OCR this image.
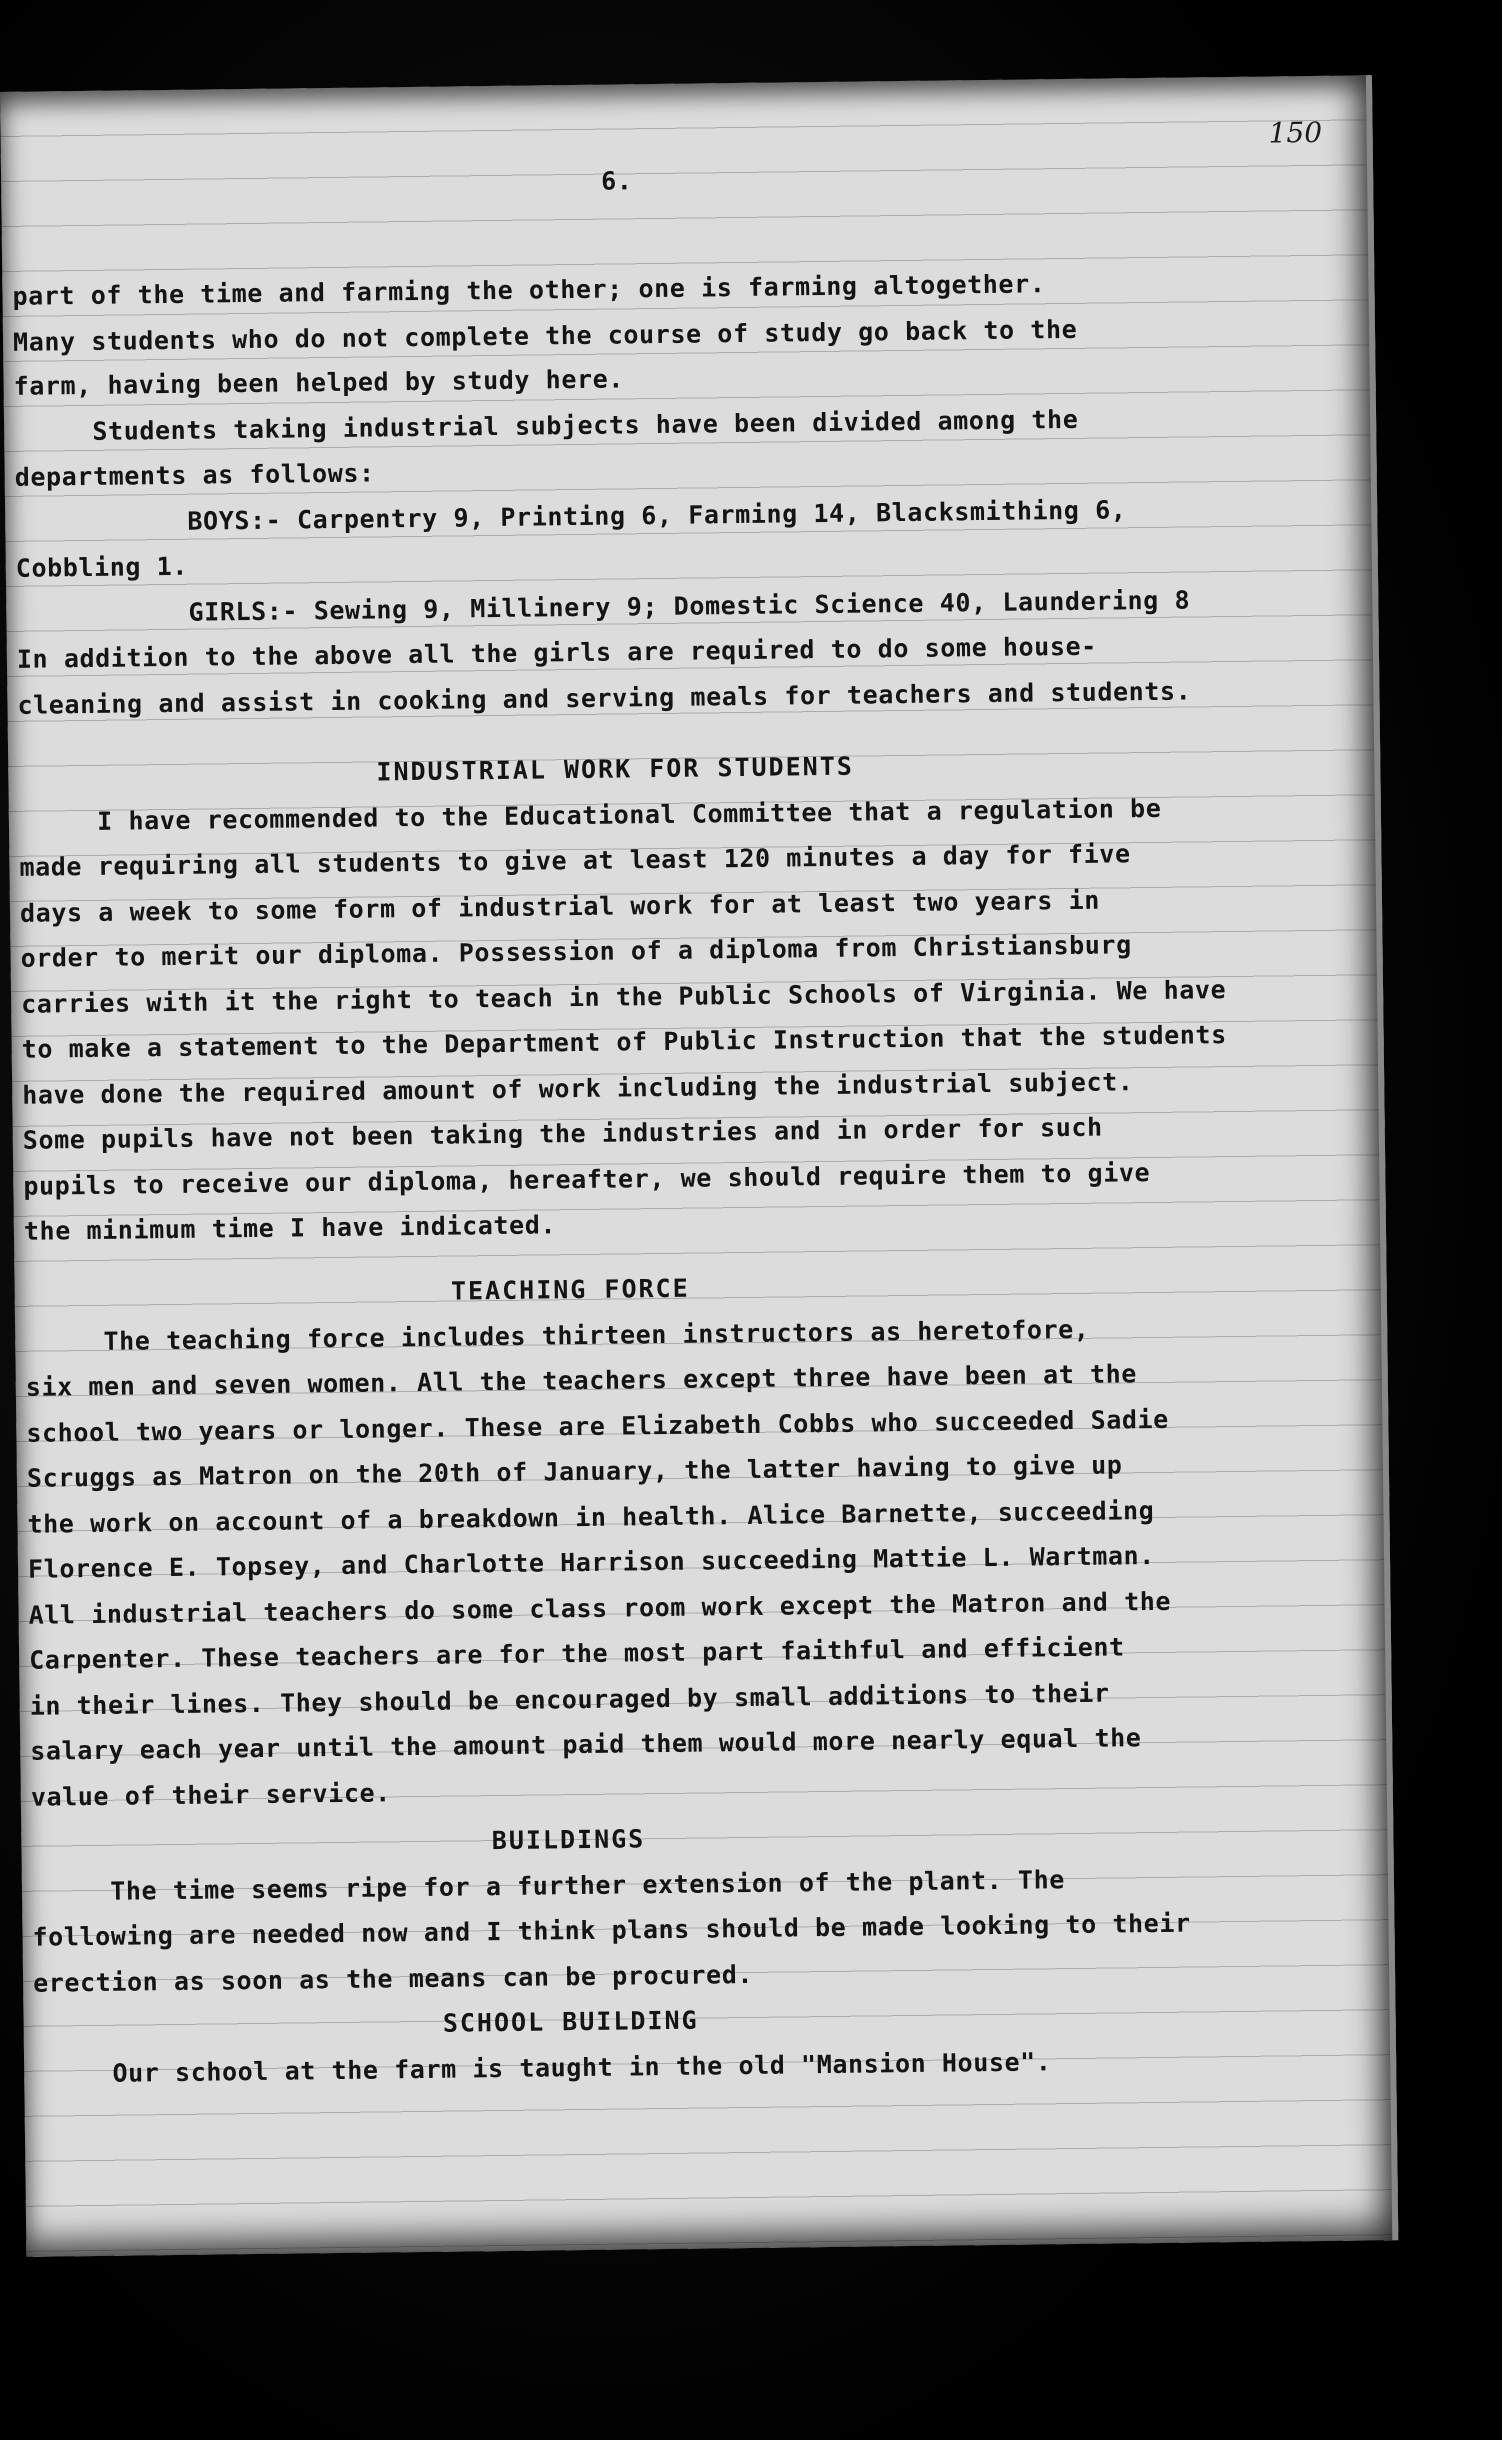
150
6.
part of the time and farming the other; one is farming altogether.
Many students who do not complete the course of study go back to the
farm, having been helped by study here.
Students taking industrial subjects have been divided among the
departments as follows:
BOYS:- Carpentry 9, Printing 6, Farming 14, Blacksmithing 6,
Cobbling 1.
GIRLS:- Sewing 9, Millinery 9; Domestic Science 40, Laundering 8
In addition to the above all the girls are required to do some house-
cleaning and assist in cooking and serving meals for teachers and students.
INDUSTRIAL WORK FOR STUDENTS
I have recommended to the Educational Committee that a regulation be
made requiring all students to give at least 120 minutes a day for five
days a week to some form of industrial work for at least two years in
order to merit our diploma. Possession of a diploma from Christiansburg
carries with it the right to teach in the Public Schools of Virginia. We have
to make a statement to the Department of Public Instruction that the students
have done the required amount of work including the industrial subject.
Some pupils have not been taking the industries and in order for such
pupils to receive our diploma, hereafter, we should require them to give
the minimum time I have indicated.
TEACHING FORCE
The teaching force includes thirteen instructors as heretofore,
six men and seven women. All the teachers except three have been at the
school two years or longer. These are Elizabeth Cobbs who succeeded Sadie
Scruggs as Matron on the 20th of January, the latter having to give up
the work on account of a breakdown in health. Alice Barnette, succeeding
Florence E. Topsey, and Charlotte Harrison succeeding Mattie L. Wartman.
All industrial teachers do some class room work except the Matron and the
Carpenter. These teachers are for the most part faithful and efficient
in their lines. They should be encouraged by small additions to their
salary each year until the amount paid them would more nearly equal the
value of their service.
BUILDINGS
The time seems ripe for a further extension of the plant. The
following are needed now and I think plans should be made looking to their
erection as soon as the means can be procured.
SCHOOL BUILDING
Our school at the farm is taught in the old "Mansion House".
